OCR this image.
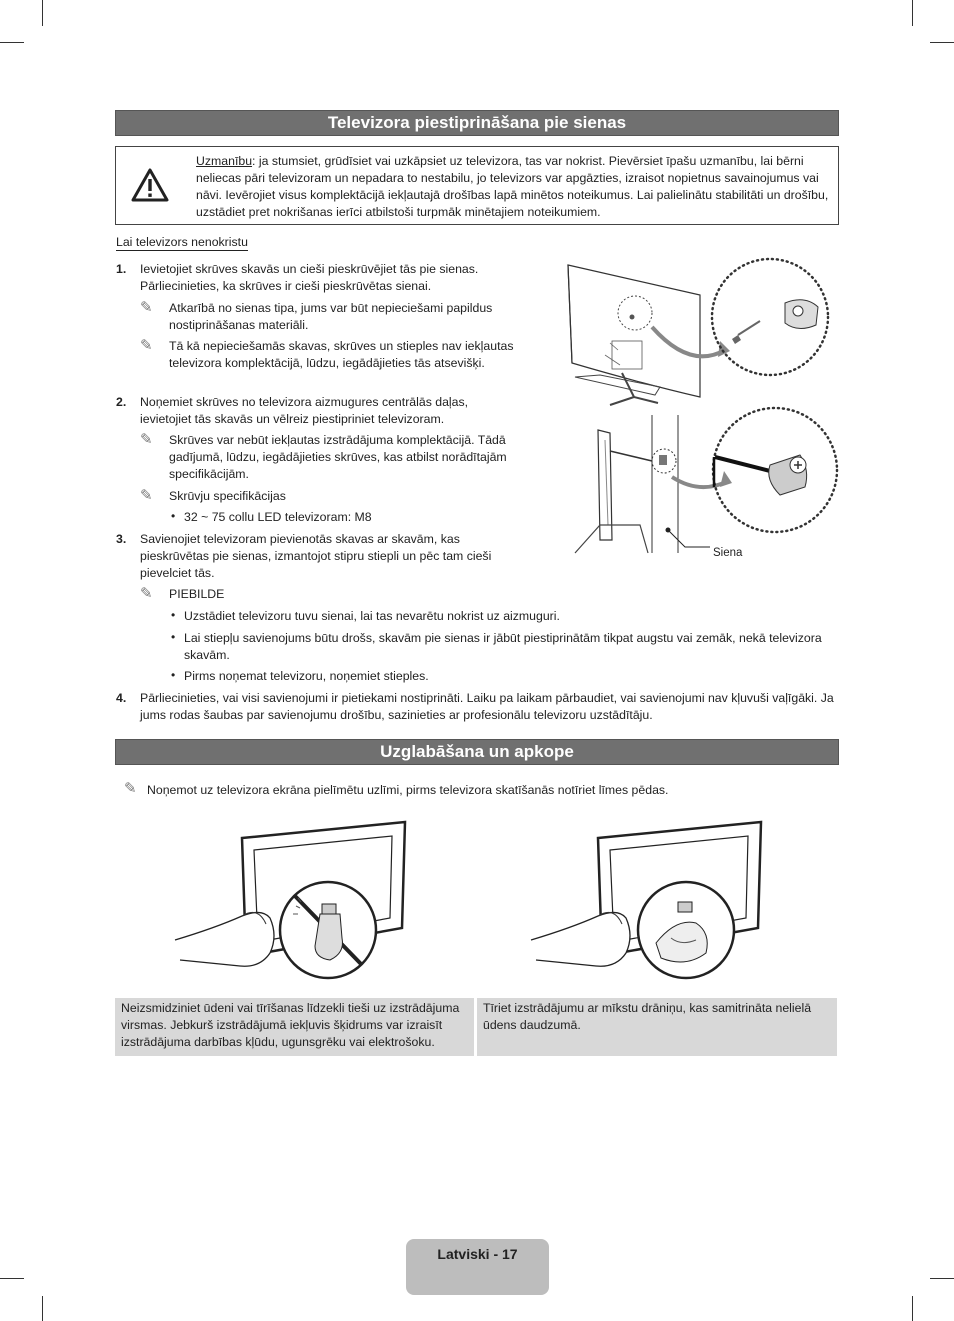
Televizora piestiprināšana pie sienas
Uzmanību: ja stumsiet, grūdīsiet vai uzkāpsiet uz televizora, tas var nokrist. Pievērsiet īpašu uzmanību, lai bērni neliecas pāri televizoram un nepadara to nestabilu, jo televizors var apgāzties, izraisot nopietnus savainojumus vai nāvi. Ievērojiet visus komplektācijā iekļautajā drošības lapā minētos noteikumus. Lai palielinātu stabilitāti un drošību, uzstādiet pret nokrišanas ierīci atbilstoši turpmāk minētajiem noteikumiem.
Lai televizors nenokristu
1. Ievietojiet skrūves skavās un cieši pieskrūvējiet tās pie sienas. Pārliecinieties, ka skrūves ir cieši pieskrūvētas sienai.
✎ Atkarībā no sienas tipa, jums var būt nepieciešami papildus nostiprināšanas materiāli.
✎ Tā kā nepieciešamās skavas, skrūves un stieples nav iekļautas televizora komplektācijā, lūdzu, iegādājieties tās atsevišķi.
2. Noņemiet skrūves no televizora aizmugures centrālās daļas, ievietojiet tās skavās un vēlreiz piestipriniet televizoram.
✎ Skrūves var nebūt iekļautas izstrādājuma komplektācijā. Tādā gadījumā, lūdzu, iegādājieties skrūves, kas atbilst norādītajām specifikācijām.
✎ Skrūvju specifikācijas
• 32 ~ 75 collu LED televizoram: M8
3. Savienojiet televizoram pievienotās skavas ar skavām, kas pieskrūvētas pie sienas, izmantojot stipru stiepli un pēc tam cieši pievelciet tās.
✎ PIEBILDE
• Uzstādiet televizoru tuvu sienai, lai tas nevarētu nokrist uz aizmuguri.
• Lai stiepļu savienojums būtu drošs, skavām pie sienas ir jābūt piestiprinātām tikpat augstu vai zemāk, nekā televizora skavām.
• Pirms noņemat televizoru, noņemiet stieples.
4. Pārliecinieties, vai visi savienojumi ir pietiekami nostiprināti. Laiku pa laikam pārbaudiet, vai savienojumi nav kļuvuši vaļīgāki. Ja jums rodas šaubas par savienojumu drošību, sazinieties ar profesionālu televizoru uzstādītāju.
Siena
Uzglabāšana un apkope
✎ Noņemot uz televizora ekrāna pielīmētu uzlīmi, pirms televizora skatīšanās notīriet līmes pēdas.
Neizsmidziniet ūdeni vai tīrīšanas līdzekli tieši uz izstrādājuma virsmas. Jebkurš izstrādājumā iekļuvis šķidrums var izraisīt izstrādājuma darbības kļūdu, ugunsgrēku vai elektrošoku.
Tīriet izstrādājumu ar mīkstu drāniņu, kas samitrināta nelielā ūdens daudzumā.
Latviski - 17
